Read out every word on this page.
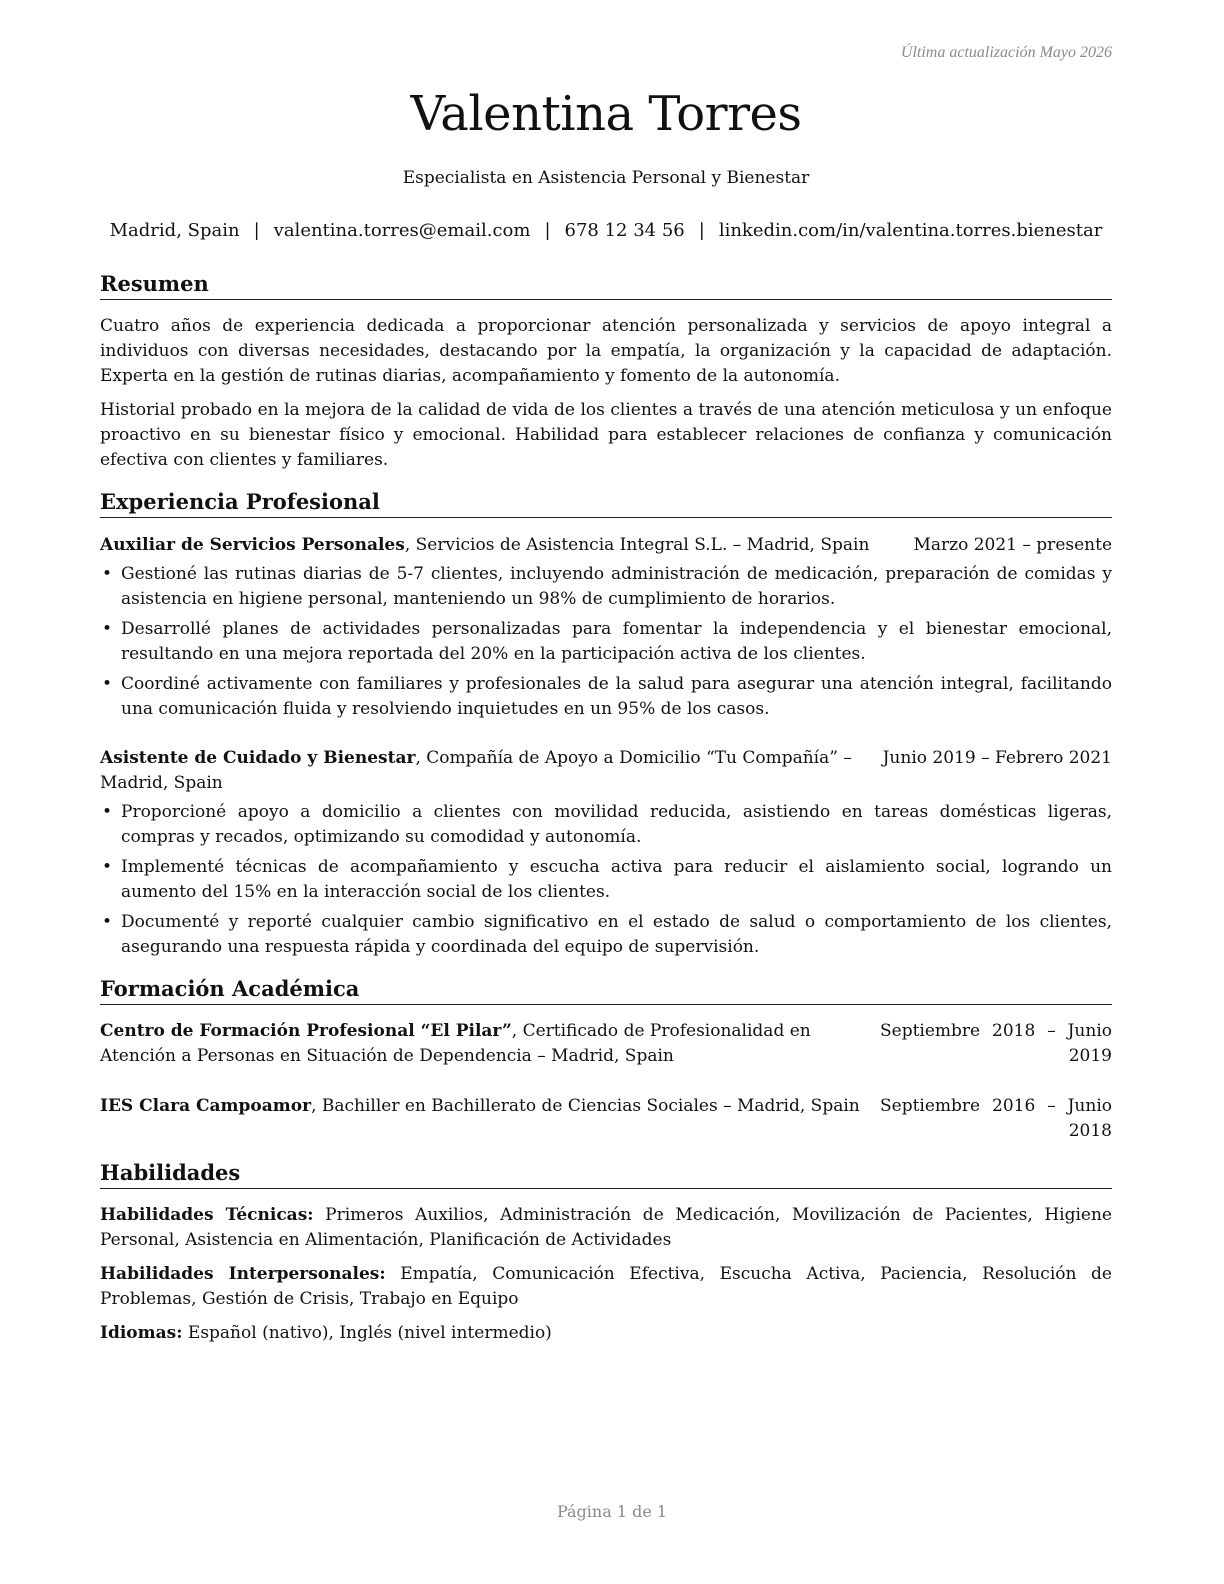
Última actualización Mayo 2026
Valentina Torres
Especialista en Asistencia Personal y Bienestar
Madrid, Spain | valentina.torres@email.com | 678 12 34 56 | linkedin.com/in/valentina.torres.bienestar
Resumen

Cuatro años de experiencia dedicada a proporcionar atención personalizada y servicios de apoyo integral a individuos con diversas necesidades, destacando por la empatía, la organización y la capacidad de adaptación. Experta en la gestión de rutinas diarias, acompañamiento y fomento de la autonomía.

Historial probado en la mejora de la calidad de vida de los clientes a través de una atención meticulosa y un enfoque proactivo en su bienestar físico y emocional. Habilidad para establecer relaciones de confianza y comunicación efectiva con clientes y familiares.

Experiencia Profesional
Auxiliar de Servicios Personales, Servicios de Asistencia Integral S.L. – Madrid, Spain	Marzo 2021 – presente
• Gestioné las rutinas diarias de 5-7 clientes, incluyendo administración de medicación, preparación de comidas y asistencia en higiene personal, manteniendo un 98% de cumplimiento de horarios.
• Desarrollé planes de actividades personalizadas para fomentar la independencia y el bienestar emocional, resultando en una mejora reportada del 20% en la participación activa de los clientes.
• Coordiné activamente con familiares y profesionales de la salud para asegurar una atención integral, facilitando una comunicación fluida y resolviendo inquietudes en un 95% de los casos.
Asistente de Cuidado y Bienestar, Compañía de Apoyo a Domicilio “Tu Compañía” – Junio 2019 – Febrero 2021
Madrid, Spain
• Proporcioné apoyo a domicilio a clientes con movilidad reducida, asistiendo en tareas domésticas ligeras, compras y recados, optimizando su comodidad y autonomía.
• Implementé técnicas de acompañamiento y escucha activa para reducir el aislamiento social, logrando un aumento del 15% en la interacción social de los clientes.
• Documenté y reporté cualquier cambio significativo en el estado de salud o comportamiento de los clientes, asegurando una respuesta rápida y coordinada del equipo de supervisión.
Formación Académica
Centro de Formación Profesional “El Pilar”, Certificado de Profesionalidad en Atención a Personas en Situación de Dependencia – Madrid, Spain
Septiembre 2018 – Junio
2019
IES Clara Campoamor, Bachiller en Bachillerato de Ciencias Sociales – Madrid, Spain	Septiembre 2016 – Junio
2018
Habilidades

Habilidades Técnicas: Primeros Auxilios, Administración de Medicación, Movilización de Pacientes, Higiene Personal, Asistencia en Alimentación, Planificación de Actividades

Habilidades Interpersonales: Empatía, Comunicación Efectiva, Escucha Activa, Paciencia, Resolución de Problemas, Gestión de Crisis, Trabajo en Equipo

Idiomas: Español (nativo), Inglés (nivel intermedio)

Página 1 de 1
